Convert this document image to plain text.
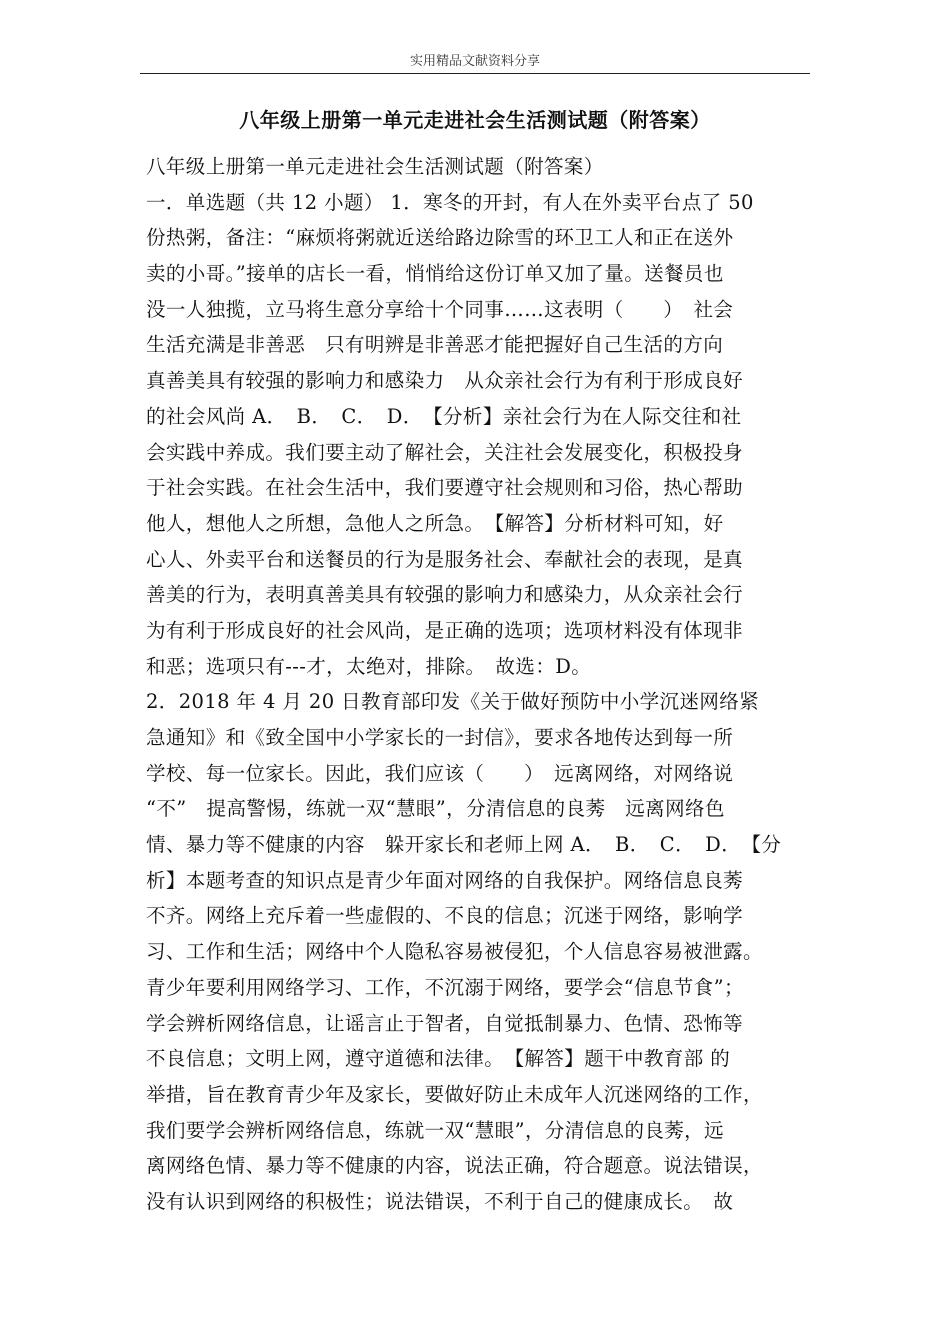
实用精品文献资料分享
八年级上册第一单元走进社会生活测试题（附答案）
八年级上册第一单元走进社会生活测试题（附答案）
一．单选题（共 12 小题） 1．寒冬的开封，有人在外卖平台点了 50
份热粥，备注：“麻烦将粥就近送给路边除雪的环卫工人和正在送外
卖的小哥。”接单的店长一看，悄悄给这份订单又加了量。送餐员也
没一人独揽，立马将生意分享给十个同事……这表明（　　）　社会
生活充满是非善恶　只有明辨是非善恶才能把握好自己生活的方向
真善美具有较强的影响力和感染力　从众亲社会行为有利于形成良好
的社会风尚 A．　B．　C．　D．　【分析】亲社会行为在人际交往和社
会实践中养成。我们要主动了解社会，关注社会发展变化，积极投身
于社会实践。在社会生活中，我们要遵守社会规则和习俗，热心帮助
他人，想他人之所想，急他人之所急。　【解答】分析材料可知，好
心人、外卖平台和送餐员的行为是服务社会、奉献社会的表现，是真
善美的行为，表明真善美具有较强的影响力和感染力，从众亲社会行
为有利于形成良好的社会风尚，是正确的选项；选项材料没有体现非
和恶；选项只有---才，太绝对，排除。　故选：D。
2．2018 年 4 月 20 日教育部印发《关于做好预防中小学沉迷网络紧
急通知》和《致全国中小学家长的一封信》，要求各地传达到每一所
学校、每一位家长。因此，我们应该（　　）　远离网络，对网络说
“不”　提高警惕，练就一双“慧眼”，分清信息的良莠　远离网络色
情、暴力等不健康的内容　躲开家长和老师上网 A．　B．　C．　D．　【分
析】本题考查的知识点是青少年面对网络的自我保护。网络信息良莠
不齐。网络上充斥着一些虚假的、不良的信息；沉迷于网络，影响学
习、工作和生活；网络中个人隐私容易被侵犯，个人信息容易被泄露。
青少年要利用网络学习、工作，不沉溺于网络，要学会“信息节食”；
学会辨析网络信息，让谣言止于智者，自觉抵制暴力、色情、恐怖等
不良信息；文明上网，遵守道德和法律。　【解答】题干中教育部 的
举措，旨在教育青少年及家长，要做好防止未成年人沉迷网络的工作，
我们要学会辨析网络信息，练就一双“慧眼”，分清信息的良莠，远
离网络色情、暴力等不健康的内容，说法正确，符合题意。说法错误，
没有认识到网络的积极性；说法错误，不利于自己的健康成长。　故
